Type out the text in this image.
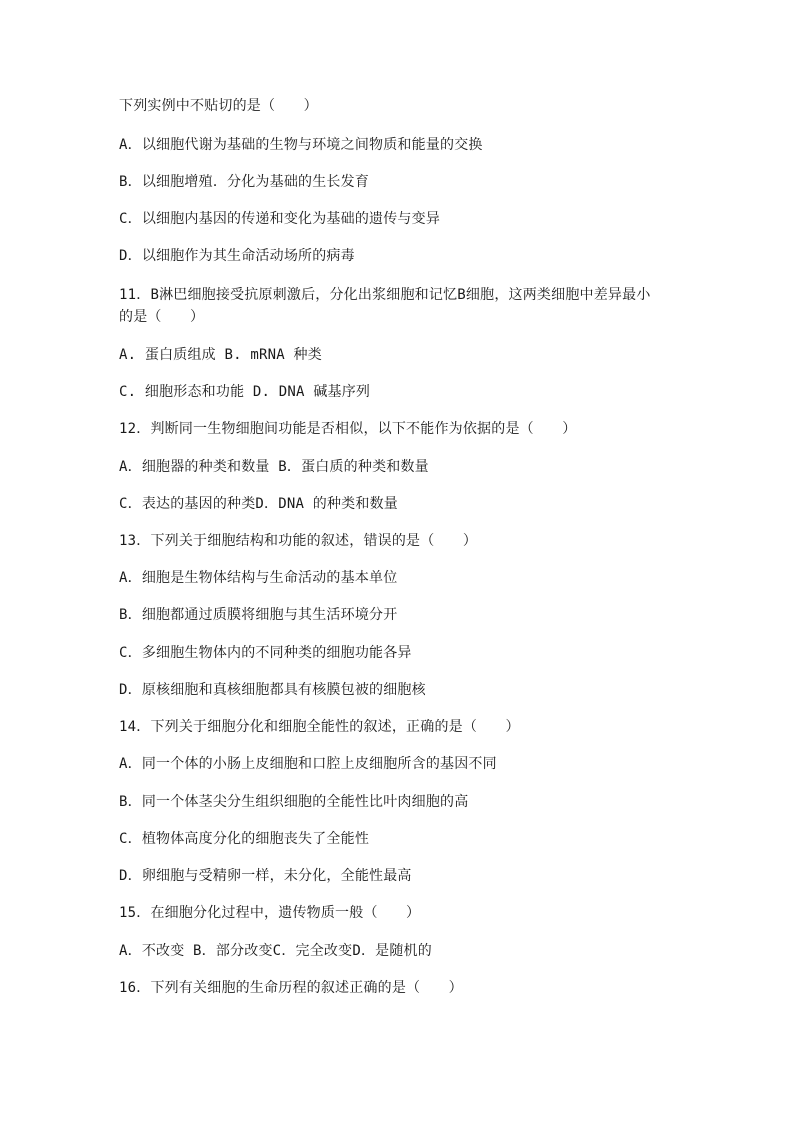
下列实例中不贴切的是（　　）
A．以细胞代谢为基础的生物与环境之间物质和能量的交换
B．以细胞增殖．分化为基础的生长发育
C．以细胞内基因的传递和变化为基础的遗传与变异
D．以细胞作为其生命活动场所的病毒
11．B淋巴细胞接受抗原刺激后，分化出浆细胞和记忆B细胞，这两类细胞中差异最小
的是（　　）
A. 蛋白质组成 B. mRNA 种类
C. 细胞形态和功能 D. DNA 碱基序列
12．判断同一生物细胞间功能是否相似，以下不能作为依据的是（　　）
A．细胞器的种类和数量 B．蛋白质的种类和数量
C．表达的基因的种类D．DNA 的种类和数量
13．下列关于细胞结构和功能的叙述，错误的是（　　）
A．细胞是生物体结构与生命活动的基本单位
B．细胞都通过质膜将细胞与其生活环境分开
C．多细胞生物体内的不同种类的细胞功能各异
D．原核细胞和真核细胞都具有核膜包被的细胞核
14．下列关于细胞分化和细胞全能性的叙述，正确的是（　　）
A．同一个体的小肠上皮细胞和口腔上皮细胞所含的基因不同
B．同一个体茎尖分生组织细胞的全能性比叶肉细胞的高
C．植物体高度分化的细胞丧失了全能性
D．卵细胞与受精卵一样，未分化，全能性最高
15．在细胞分化过程中，遗传物质一般（　　）
A．不改变 B．部分改变C．完全改变D．是随机的
16．下列有关细胞的生命历程的叙述正确的是（　　）
